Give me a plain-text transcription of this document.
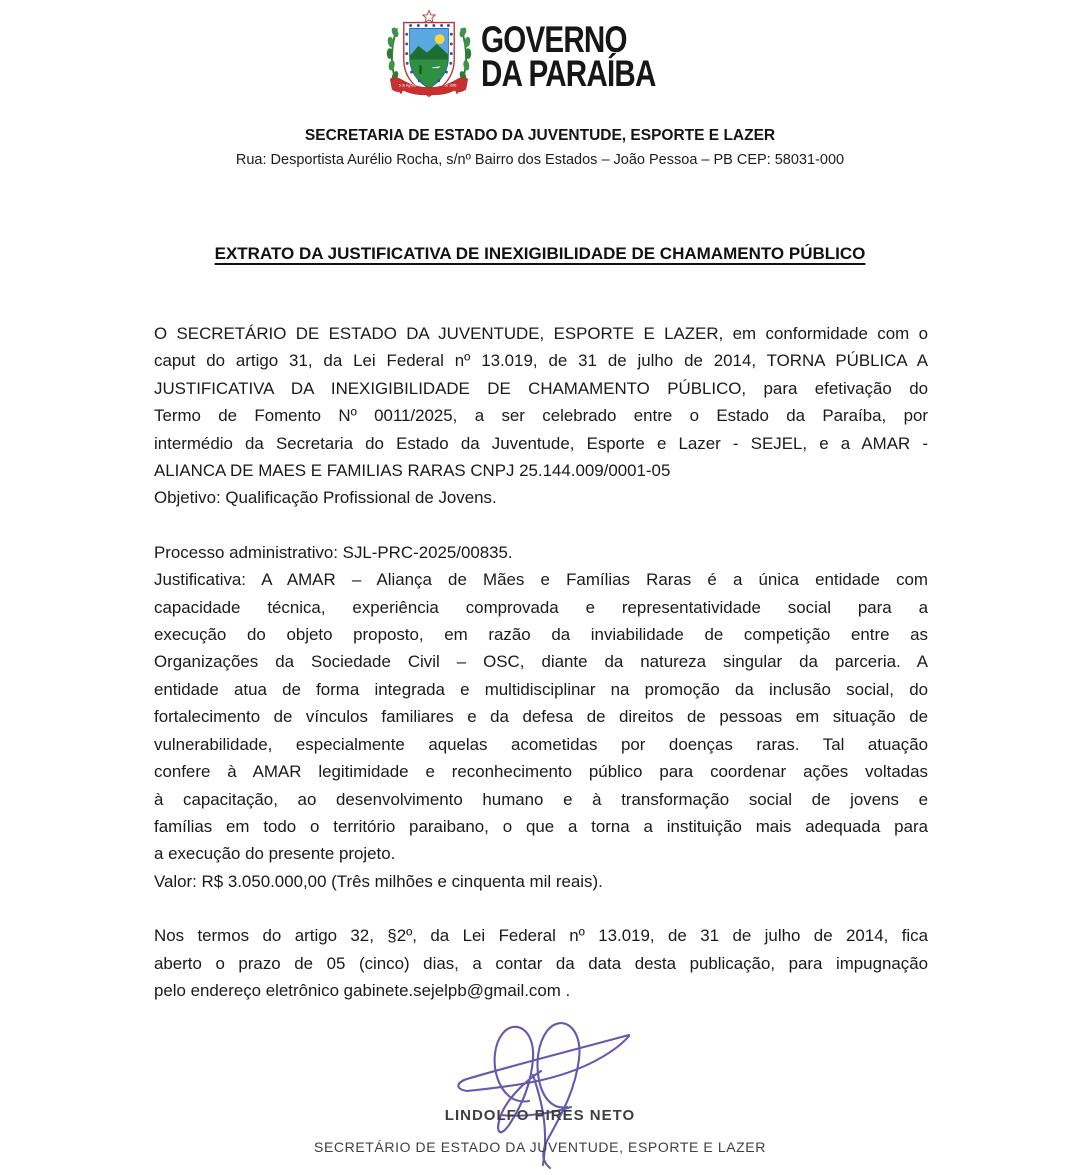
5 de Agosto	de 1585
GOVERNO
DA PARAÍBA
SECRETARIA DE ESTADO DA JUVENTUDE, ESPORTE E LAZER
Rua: Desportista Aurélio Rocha, s/nº Bairro dos Estados – João Pessoa – PB CEP: 58031-000
EXTRATO DA JUSTIFICATIVA DE INEXIGIBILIDADE DE CHAMAMENTO PÚBLICO
O SECRETÁRIO DE ESTADO DA JUVENTUDE, ESPORTE E LAZER, em conformidade com o
caput do artigo 31, da Lei Federal nº 13.019, de 31 de julho de 2014, TORNA PÚBLICA A
JUSTIFICATIVA DA INEXIGIBILIDADE DE CHAMAMENTO PÚBLICO, para efetivação do
Termo de Fomento Nº 0011/2025, a ser celebrado entre o Estado da Paraíba, por
intermédio da Secretaria do Estado da Juventude, Esporte e Lazer - SEJEL, e a AMAR -
ALIANCA DE MAES E FAMILIAS RARAS CNPJ 25.144.009/0001-05
Objetivo: Qualificação Profissional de Jovens.
Processo administrativo: SJL-PRC-2025/00835.
Justificativa: A AMAR – Aliança de Mães e Famílias Raras é a única entidade com
capacidade técnica, experiência comprovada e representatividade social para a
execução do objeto proposto, em razão da inviabilidade de competição entre as
Organizações da Sociedade Civil – OSC, diante da natureza singular da parceria. A
entidade atua de forma integrada e multidisciplinar na promoção da inclusão social, do
fortalecimento de vínculos familiares e da defesa de direitos de pessoas em situação de
vulnerabilidade, especialmente aquelas acometidas por doenças raras. Tal atuação
confere à AMAR legitimidade e reconhecimento público para coordenar ações voltadas
à capacitação, ao desenvolvimento humano e à transformação social de jovens e
famílias em todo o território paraibano, o que a torna a instituição mais adequada para
a execução do presente projeto.
Valor: R$ 3.050.000,00 (Três milhões e cinquenta mil reais).
Nos termos do artigo 32, §2º, da Lei Federal nº 13.019, de 31 de julho de 2014, fica
aberto o prazo de 05 (cinco) dias, a contar da data desta publicação, para impugnação
pelo endereço eletrônico gabinete.sejelpb@gmail.com .
LINDOLFO PIRES NETO
SECRETÁRIO DE ESTADO DA JUVENTUDE, ESPORTE E LAZER
